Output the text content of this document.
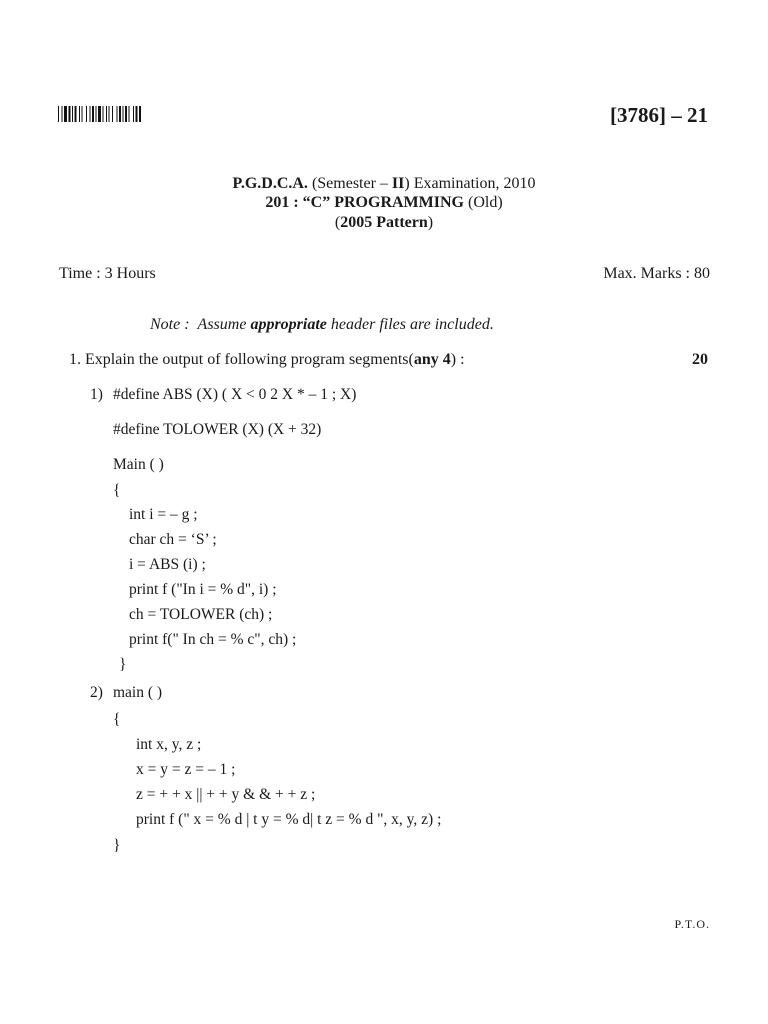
[3786] – 21
P.G.D.C.A. (Semester – II) Examination, 2010
201 : “C” PROGRAMMING (Old)
(2005 Pattern)
Time : 3 Hours	Max. Marks : 80
Note : Assume appropriate header files are included.
1. Explain the output of following program segments(any 4) :	20
1) #define ABS (X) ( X < 0 2 X * – 1 ; X)
#define TOLOWER (X) (X + 32)
Main ( )
{
int i = – g ;
char ch = ‘S’ ;
i = ABS (i) ;
print f ("In i = % d", i) ;
ch = TOLOWER (ch) ;
print f(" In ch = % c", ch) ;
}
2) main ( )
{
int x, y, z ;
x = y = z = – 1 ;
z = + + x || + + y & & + + z ;
print f (" x = % d | t y = % d| t z = % d ", x, y, z) ;
}
P.T.O.
